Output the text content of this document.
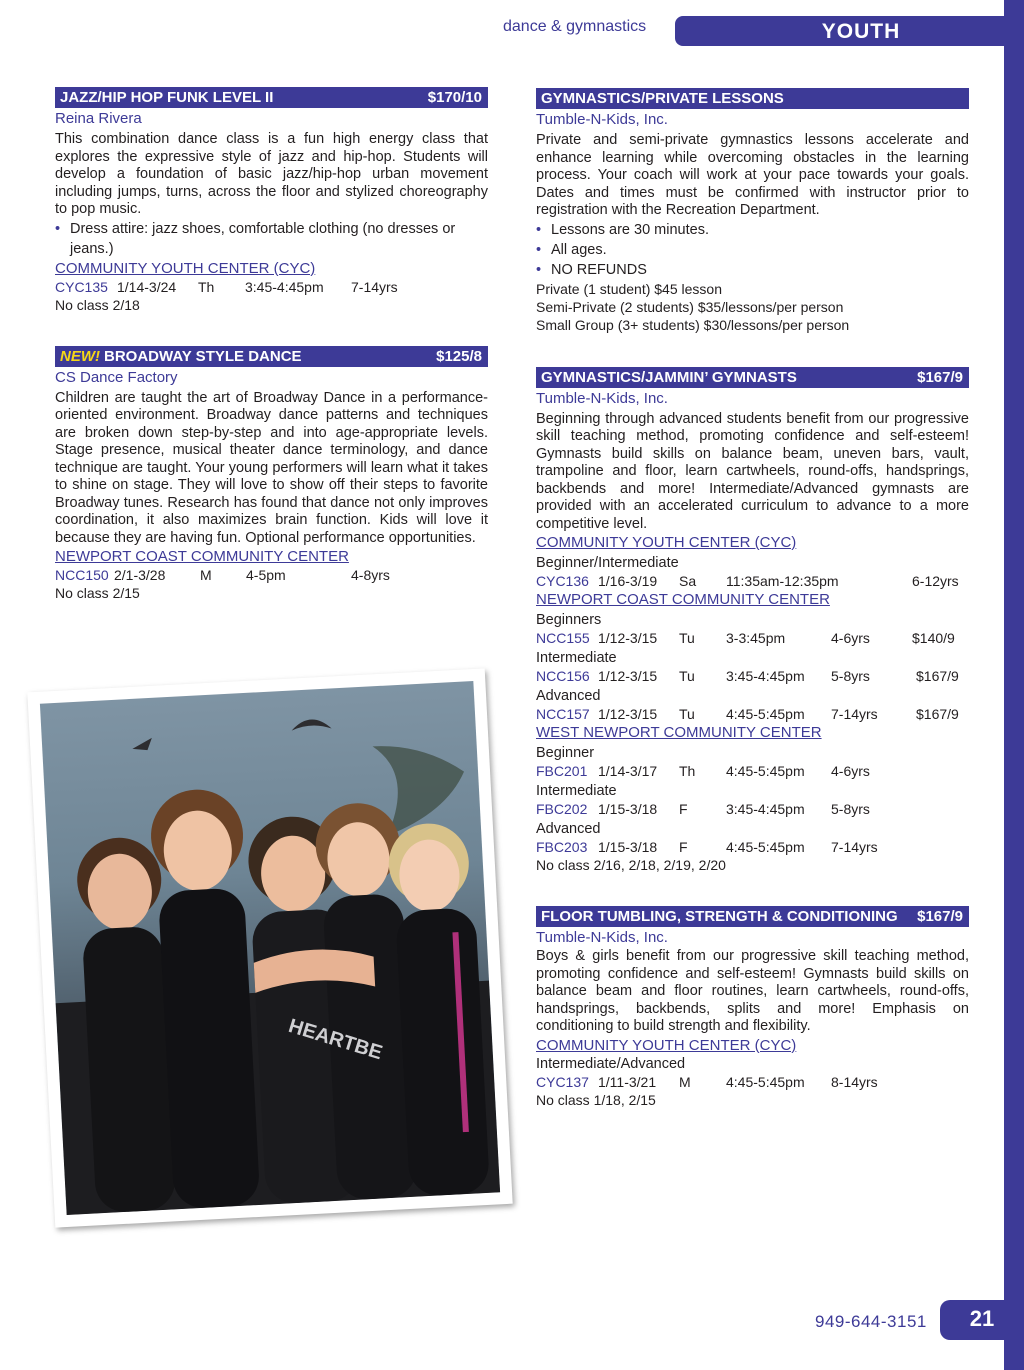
YOUTH
dance & gymnastics
JAZZ/HIP HOP FUNK LEVEL II	$170/10
Reina Rivera
This combination dance class is a fun high energy class that explores the expressive style of jazz and hip-hop. Students will develop a foundation of basic jazz/hip-hop urban movement including jumps, turns, across the floor and stylized choreography to pop music.
• Dress attire: jazz shoes, comfortable clothing (no dresses or jeans.)
COMMUNITY YOUTH CENTER (CYC)
CYC135 1/14-3/24	Th	3:45-4:45pm	7-14yrs
No class 2/18
NEW! BROADWAY STYLE DANCE	$125/8
CS Dance Factory
Children are taught the art of Broadway Dance in a performance-oriented environment. Broadway dance patterns and techniques are broken down step-by-step and into age-appropriate levels. Stage presence, musical theater dance terminology, and dance technique are taught. Your young performers will learn what it takes to shine on stage. They will love to show off their steps to favorite Broadway tunes. Research has found that dance not only improves coordination, it also maximizes brain function. Kids will love it because they are having fun. Optional performance opportunities.
NEWPORT COAST COMMUNITY CENTER
NCC150 2/1-3/28	M	4-5pm	4-8yrs
No class 2/15
HEARTBE
GYMNASTICS/PRIVATE LESSONS
Tumble-N-Kids, Inc.
Private and semi-private gymnastics lessons accelerate and enhance learning while overcoming obstacles in the learning process. Your coach will work at your pace towards your goals. Dates and times must be confirmed with instructor prior to registration with the Recreation Department.
• Lessons are 30 minutes.
• All ages.
• NO REFUNDS
Private (1 student) $45 lesson
Semi-Private (2 students) $35/lessons/per person
Small Group (3+ students) $30/lessons/per person
GYMNASTICS/JAMMIN’ GYMNASTS	$167/9
Tumble-N-Kids, Inc.
Beginning through advanced students benefit from our progressive skill teaching method, promoting confidence and self-esteem! Gymnasts build skills on balance beam, uneven bars, vault, trampoline and floor, learn cartwheels, round-offs, handsprings, backbends and more! Intermediate/Advanced gymnasts are provided with an accelerated curriculum to advance to a more competitive level.
COMMUNITY YOUTH CENTER (CYC)
Beginner/Intermediate
CYC136 1/16-3/19	Sa	11:35am-12:35pm	6-12yrs
NEWPORT COAST COMMUNITY CENTER
Beginners
NCC155 1/12-3/15	Tu	3-3:45pm	4-6yrs	$140/9
Intermediate
NCC156 1/12-3/15	Tu	3:45-4:45pm	5-8yrs	$167/9
Advanced
NCC157 1/12-3/15	Tu	4:45-5:45pm	7-14yrs	$167/9
WEST NEWPORT COMMUNITY CENTER
Beginner
FBC201 1/14-3/17	Th	4:45-5:45pm	4-6yrs
Intermediate
FBC202 1/15-3/18	F	3:45-4:45pm	5-8yrs
Advanced
FBC203 1/15-3/18	F	4:45-5:45pm	7-14yrs
No class 2/16, 2/18, 2/19, 2/20
FLOOR TUMBLING, STRENGTH & CONDITIONING $167/9
Tumble-N-Kids, Inc.
Boys & girls benefit from our progressive skill teaching method, promoting confidence and self-esteem! Gymnasts build skills on balance beam and floor routines, learn cartwheels, round-offs, handsprings, backbends, splits and more! Emphasis on conditioning to build strength and flexibility.
COMMUNITY YOUTH CENTER (CYC)
Intermediate/Advanced
CYC137 1/11-3/21	M	4:45-5:45pm	8-14yrs
No class 1/18, 2/15
949-644-3151	21
